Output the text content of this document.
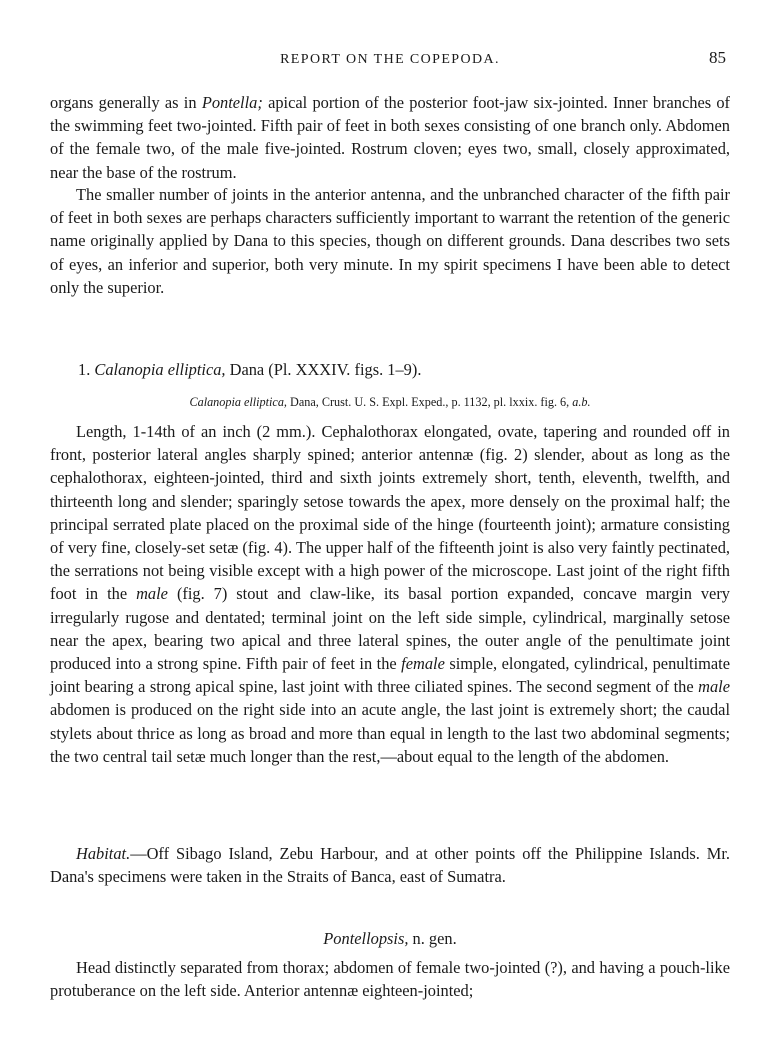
REPORT ON THE COPEPODA.	85

organs generally as in Pontella; apical portion of the posterior foot-jaw six-jointed. Inner branches of the swimming feet two-jointed. Fifth pair of feet in both sexes consisting of one branch only. Abdomen of the female two, of the male five-jointed. Rostrum cloven; eyes two, small, closely approximated, near the base of the rostrum.

The smaller number of joints in the anterior antenna, and the unbranched character of the fifth pair of feet in both sexes are perhaps characters sufficiently important to warrant the retention of the generic name originally applied by Dana to this species, though on different grounds. Dana describes two sets of eyes, an inferior and superior, both very minute. In my spirit specimens I have been able to detect only the superior.

1. Calanopia elliptica, Dana (Pl. XXXIV. figs. 1–9).
Calanopia elliptica, Dana, Crust. U. S. Expl. Exped., p. 1132, pl. lxxix. fig. 6, a.b.

Length, 1-14th of an inch (2 mm.). Cephalothorax elongated, ovate, tapering and rounded off in front, posterior lateral angles sharply spined; anterior antennæ (fig. 2) slender, about as long as the cephalothorax, eighteen-jointed, third and sixth joints extremely short, tenth, eleventh, twelfth, and thirteenth long and slender; sparingly setose towards the apex, more densely on the proximal half; the principal serrated plate placed on the proximal side of the hinge (fourteenth joint); armature consisting of very fine, closely-set setæ (fig. 4). The upper half of the fifteenth joint is also very faintly pectinated, the serrations not being visible except with a high power of the microscope. Last joint of the right fifth foot in the male (fig. 7) stout and claw-like, its basal portion expanded, concave margin very irregularly rugose and dentated; terminal joint on the left side simple, cylindrical, marginally setose near the apex, bearing two apical and three lateral spines, the outer angle of the penultimate joint produced into a strong spine. Fifth pair of feet in the female simple, elongated, cylindrical, penultimate joint bearing a strong apical spine, last joint with three ciliated spines. The second segment of the male abdomen is produced on the right side into an acute angle, the last joint is extremely short; the caudal stylets about thrice as long as broad and more than equal in length to the last two abdominal segments; the two central tail setæ much longer than the rest,—about equal to the length of the abdomen.

Habitat.—Off Sibago Island, Zebu Harbour, and at other points off the Philippine Islands. Mr. Dana's specimens were taken in the Straits of Banca, east of Sumatra.

Pontellopsis, n. gen.

Head distinctly separated from thorax; abdomen of female two-jointed (?), and having a pouch-like protuberance on the left side. Anterior antennæ eighteen-jointed;
